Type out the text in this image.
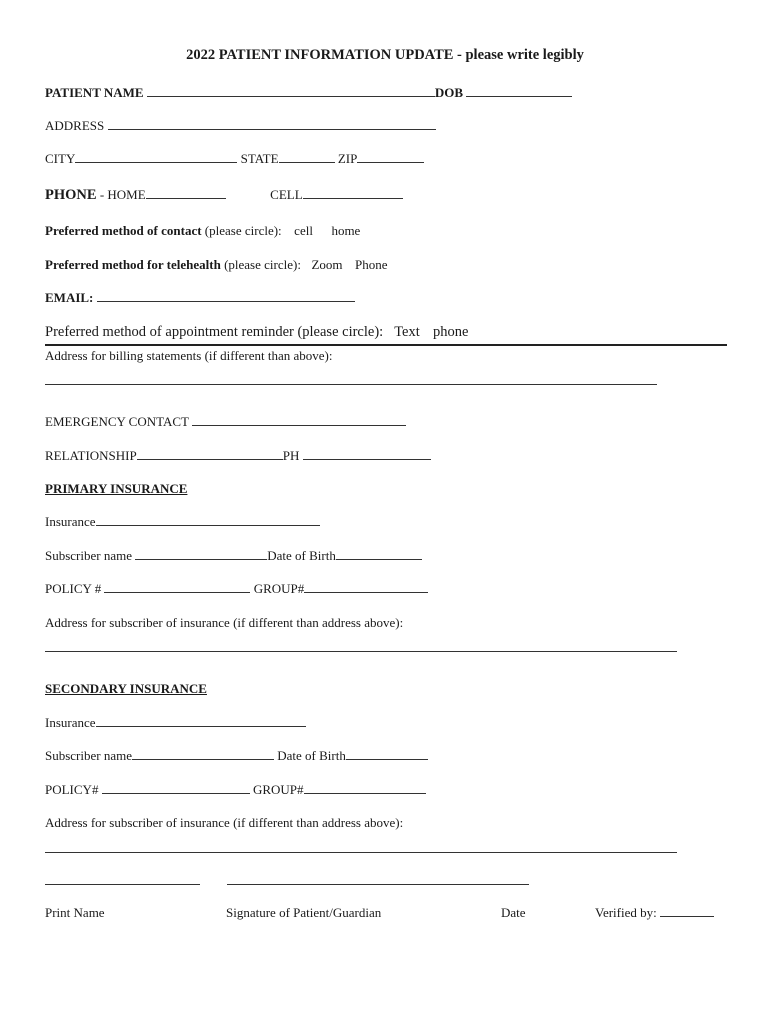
2022 PATIENT INFORMATION UPDATE - please write legibly
PATIENT NAME	DOB
ADDRESS
CITY	STATE	ZIP
PHONE - HOME	CELL
Preferred method of contact (please circle): cell home
Preferred method for telehealth (please circle): Zoom Phone
EMAIL:
Preferred method of appointment reminder (please circle): Text phone
Address for billing statements (if different than above):
EMERGENCY CONTACT
RELATIONSHIP	PH
PRIMARY INSURANCE
Insurance
Subscriber name	Date of Birth
POLICY #	GROUP#
Address for subscriber of insurance (if different than address above):
SECONDARY INSURANCE
Insurance
Subscriber name	Date of Birth
POLICY#	GROUP#
Address for subscriber of insurance (if different than address above):
Print Name	Signature of Patient/Guardian	Date	Verified by:
